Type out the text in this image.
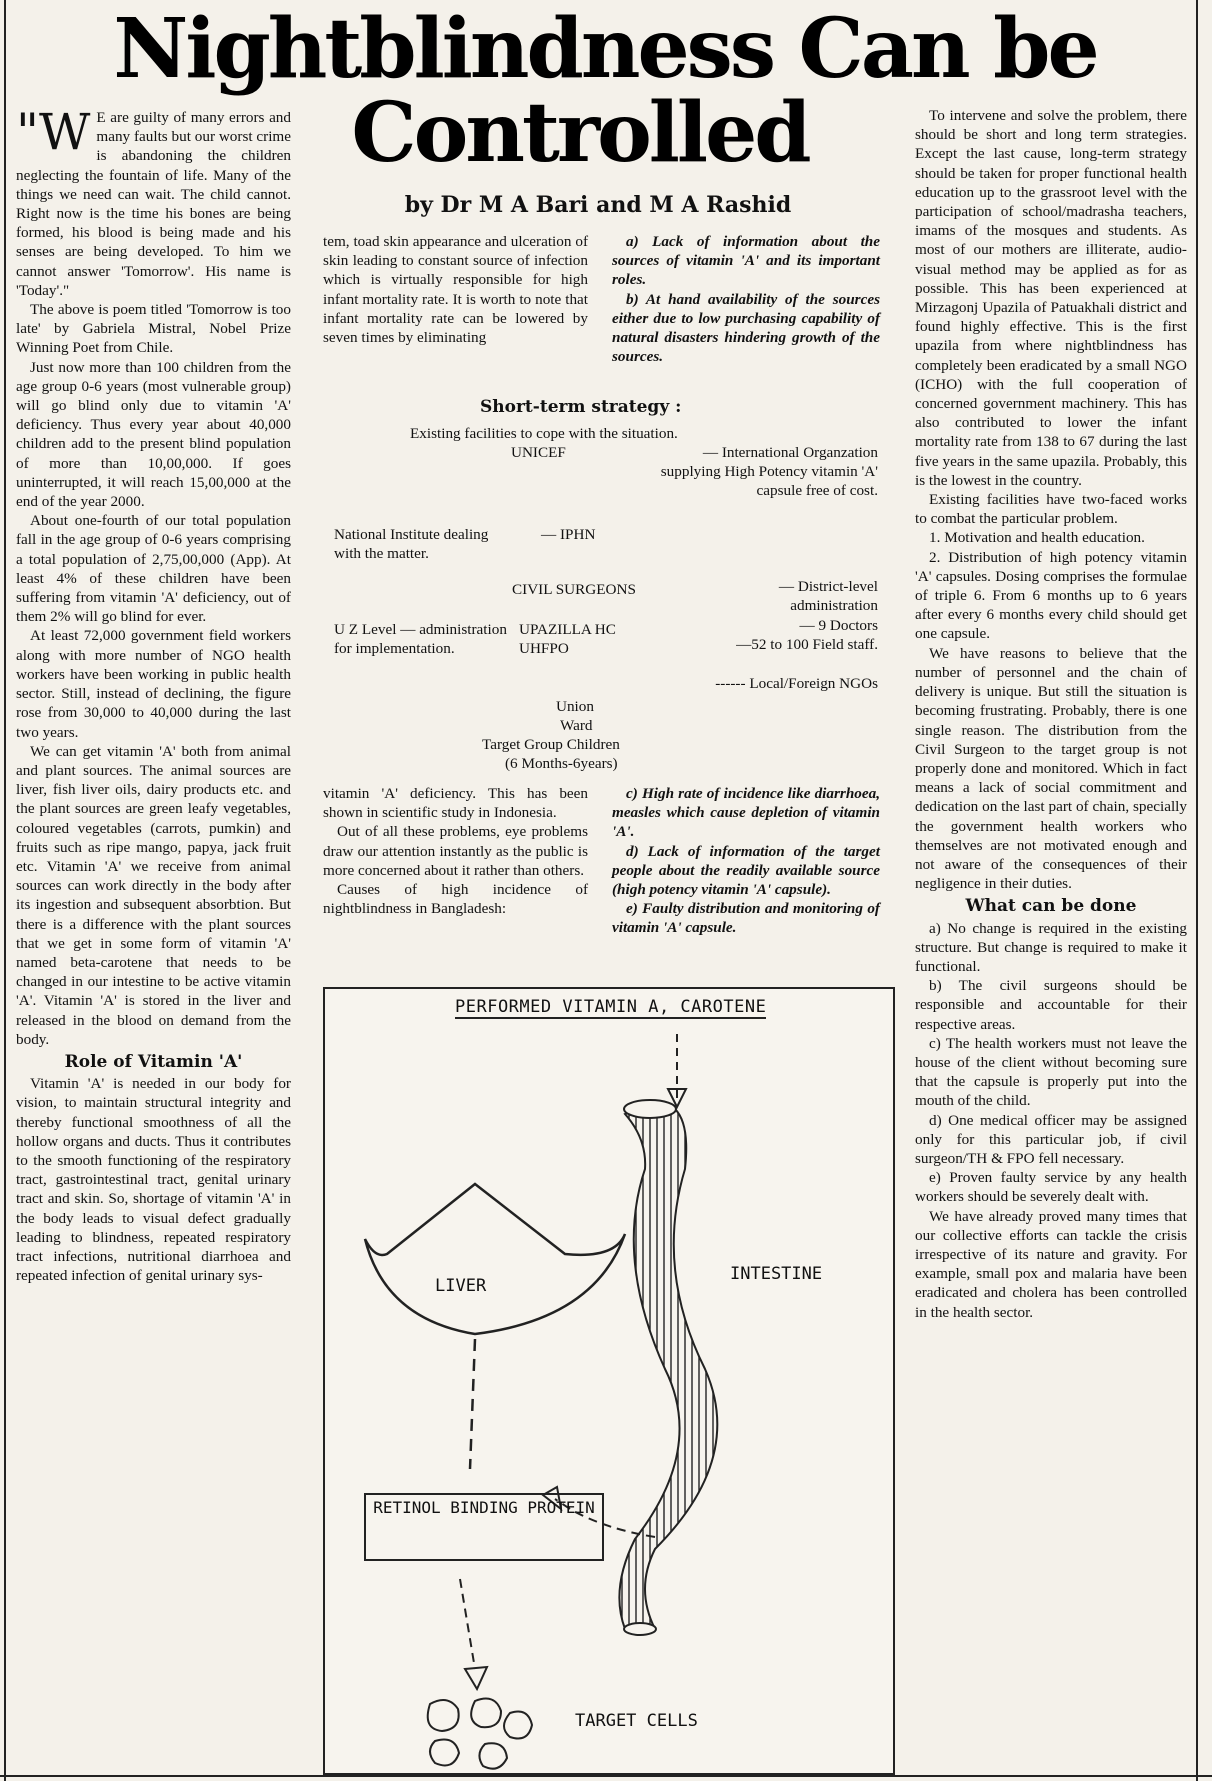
Nightblindness Can be
Controlled
by Dr M A Bari and M A Rashid

"W E are guilty of many errors and many faults but our worst crime is abandoning the children neglecting the fountain of life. Many of the things we need can wait. The child cannot. Right now is the time his bones are being formed, his blood is being made and his senses are being developed. To him we cannot answer 'Tomorrow'. His name is 'Today'."

The above is poem titled 'Tomorrow is too late' by Gabriela Mistral, Nobel Prize Winning Poet from Chile.

Just now more than 100 children from the age group 0-6 years (most vulnerable group) will go blind only due to vitamin 'A' deficiency. Thus every year about 40,000 children add to the present blind population of more than 10,00,000. If goes uninterrupted, it will reach 15,00,000 at the end of the year 2000.

About one-fourth of our total population fall in the age group of 0-6 years comprising a total population of 2,75,00,000 (App). At least 4% of these children have been suffering from vitamin 'A' deficiency, out of them 2% will go blind for ever.

At least 72,000 government field workers along with more number of NGO health workers have been working in public health sector. Still, instead of declining, the figure rose from 30,000 to 40,000 during the last two years.

We can get vitamin 'A' both from animal and plant sources. The animal sources are liver, fish liver oils, dairy products etc. and the plant sources are green leafy vegetables, coloured vegetables (carrots, pumkin) and fruits such as ripe mango, papya, jack fruit etc. Vitamin 'A' we receive from animal sources can work directly in the body after its ingestion and subsequent absorbtion. But there is a difference with the plant sources that we get in some form of vitamin 'A' named beta-carotene that needs to be changed in our intestine to be active vitamin 'A'. Vitamin 'A' is stored in the liver and released in the blood on demand from the body.

Role of Vitamin 'A'

Vitamin 'A' is needed in our body for vision, to maintain structural integrity and thereby functional smoothness of all the hollow organs and ducts. Thus it contributes to the smooth functioning of the respiratory tract, gastrointestinal tract, genital urinary tract and skin. So, shortage of vitamin 'A' in the body leads to visual defect gradually leading to blindness, repeated respiratory tract infections, nutritional diarrhoea and repeated infection of genital urinary sys-

tem, toad skin appearance and ulceration of skin leading to constant source of infection which is virtually responsible for high infant mortality rate. It is worth to note that infant mortality rate can be lowered by seven times by eliminating

a) Lack of information about the sources of vitamin 'A' and its important roles.

b) At hand availability of the sources either due to low purchasing capability of natural disasters hindering growth of the sources.

Short-term strategy :
Existing facilities to cope with the situation.
UNICEF	— International Organzation supplying High Potency vitamin 'A' capsule free of cost.
National Institute dealing with the matter.
— IPHN
CIVIL SURGEONS	— District-level administration
U Z Level — administration for implementation.
UPAZILLA HC UHFPO
— 9 Doctors
—52 to 100 Field staff.
------ Local/Foreign NGOs
Union
Ward
Target Group Children
(6 Months-6years)

vitamin 'A' deficiency. This has been shown in scientific study in Indonesia.

Out of all these problems, eye problems draw our attention instantly as the public is more concerned about it rather than others.

Causes of high incidence of nightblindness in Bangladesh:

c) High rate of incidence like diarrhoea, measles which cause depletion of vitamin 'A'.

d) Lack of information of the target people about the readily available source (high potency vitamin 'A' capsule).

e) Faulty distribution and monitoring of vitamin 'A' capsule.

PERFORMED VITAMIN A, CAROTENE
LIVER
INTESTINE
RETINOL BINDING PROTEIN
TARGET CELLS

To intervene and solve the problem, there should be short and long term strategies. Except the last cause, long-term strategy should be taken for proper functional health education up to the grassroot level with the participation of school/madrasha teachers, imams of the mosques and students. As most of our mothers are illiterate, audio-visual method may be applied as for as possible. This has been experienced at Mirzagonj Upazila of Patuakhali district and found highly effective. This is the first upazila from where nightblindness has completely been eradicated by a small NGO (ICHO) with the full cooperation of concerned government machinery. This has also contributed to lower the infant mortality rate from 138 to 67 during the last five years in the same upazila. Probably, this is the lowest in the country.

Existing facilities have two-faced works to combat the particular problem.

1. Motivation and health education.

2. Distribution of high potency vitamin 'A' capsules. Dosing comprises the formulae of triple 6. From 6 months up to 6 years after every 6 months every child should get one capsule.

We have reasons to believe that the number of personnel and the chain of delivery is unique. But still the situation is becoming frustrating. Probably, there is one single reason. The distribution from the Civil Surgeon to the target group is not properly done and monitored. Which in fact means a lack of social commitment and dedication on the last part of chain, specially the government health workers who themselves are not motivated enough and not aware of the consequences of their negligence in their duties.

What can be done

a) No change is required in the existing structure. But change is required to make it functional.

b) The civil surgeons should be responsible and accountable for their respective areas.

c) The health workers must not leave the house of the client without becoming sure that the capsule is properly put into the mouth of the child.

d) One medical officer may be assigned only for this particular job, if civil surgeon/TH & FPO fell necessary.

e) Proven faulty service by any health workers should be severely dealt with.

We have already proved many times that our collective efforts can tackle the crisis irrespective of its nature and gravity. For example, small pox and malaria have been eradicated and cholera has been controlled in the health sector.
